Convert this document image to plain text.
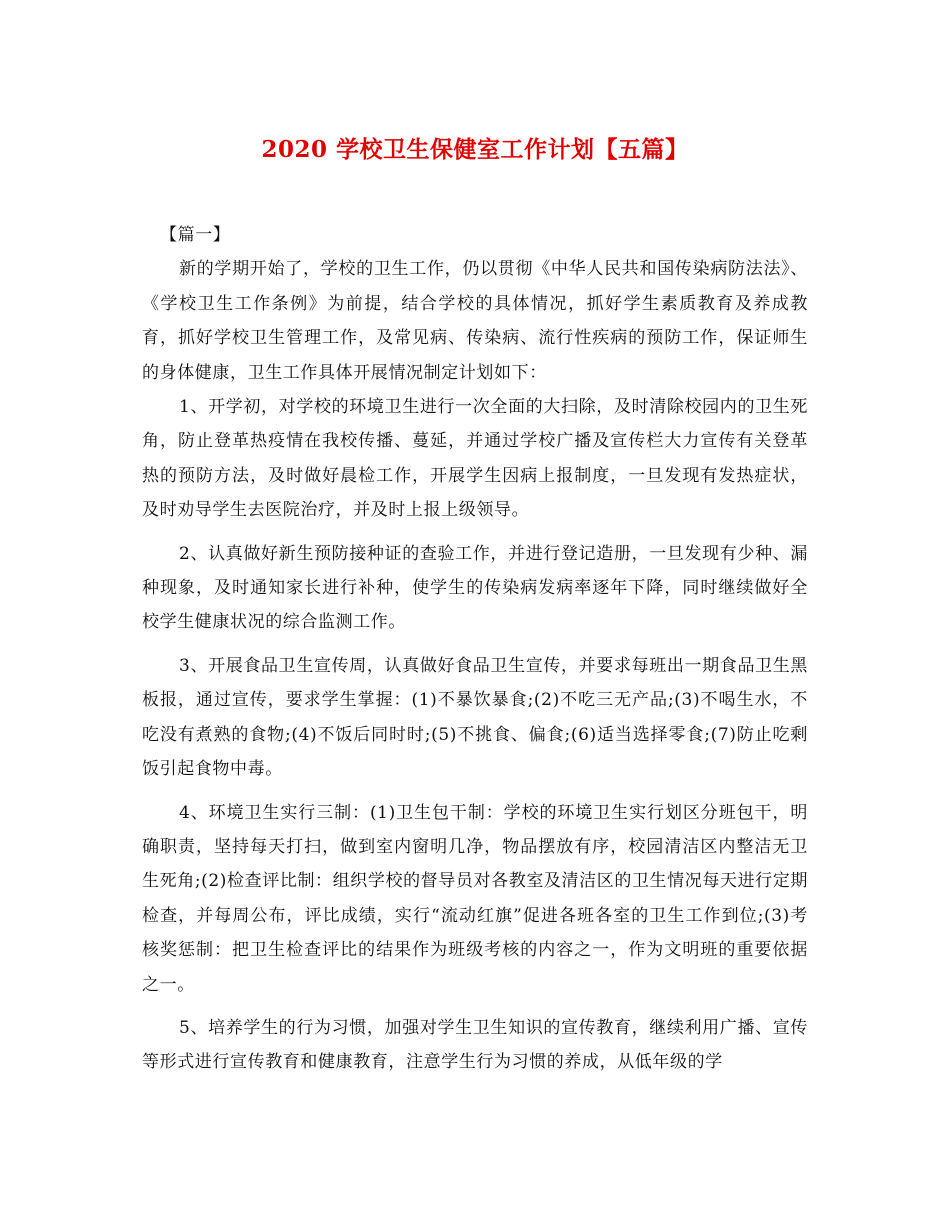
2020 学校卫生保健室工作计划【五篇】

【篇一】

新的学期开始了，学校的卫生工作，仍以贯彻《中华人民共和国传染病防法法》、《学校卫生工作条例》为前提，结合学校的具体情况，抓好学生素质教育及养成教育，抓好学校卫生管理工作，及常见病、传染病、流行性疾病的预防工作，保证师生的身体健康，卫生工作具体开展情况制定计划如下：

1、开学初，对学校的环境卫生进行一次全面的大扫除，及时清除校园内的卫生死角，防止登革热疫情在我校传播、蔓延，并通过学校广播及宣传栏大力宣传有关登革热的预防方法，及时做好晨检工作，开展学生因病上报制度，一旦发现有发热症状，及时劝导学生去医院治疗，并及时上报上级领导。

2、认真做好新生预防接种证的查验工作，并进行登记造册，一旦发现有少种、漏种现象，及时通知家长进行补种，使学生的传染病发病率逐年下降，同时继续做好全校学生健康状况的综合监测工作。

3、开展食品卫生宣传周，认真做好食品卫生宣传，并要求每班出一期食品卫生黑板报，通过宣传，要求学生掌握：(1)不暴饮暴食;(2)不吃三无产品;(3)不喝生水，不吃没有煮熟的食物;(4)不饭后同时时;(5)不挑食、偏食;(6)适当选择零食;(7)防止吃剩饭引起食物中毒。

4、环境卫生实行三制：(1)卫生包干制：学校的环境卫生实行划区分班包干，明确职责，坚持每天打扫，做到室内窗明几净，物品摆放有序，校园清洁区内整洁无卫生死角;(2)检查评比制：组织学校的督导员对各教室及清洁区的卫生情况每天进行定期检查，并每周公布，评比成绩，实行“流动红旗”促进各班各室的卫生工作到位;(3)考核奖惩制：把卫生检查评比的结果作为班级考核的内容之一，作为文明班的重要依据之一。

5、培养学生的行为习惯，加强对学生卫生知识的宣传教育，继续利用广播、宣传等形式进行宣传教育和健康教育，注意学生行为习惯的养成，从低年级的学
